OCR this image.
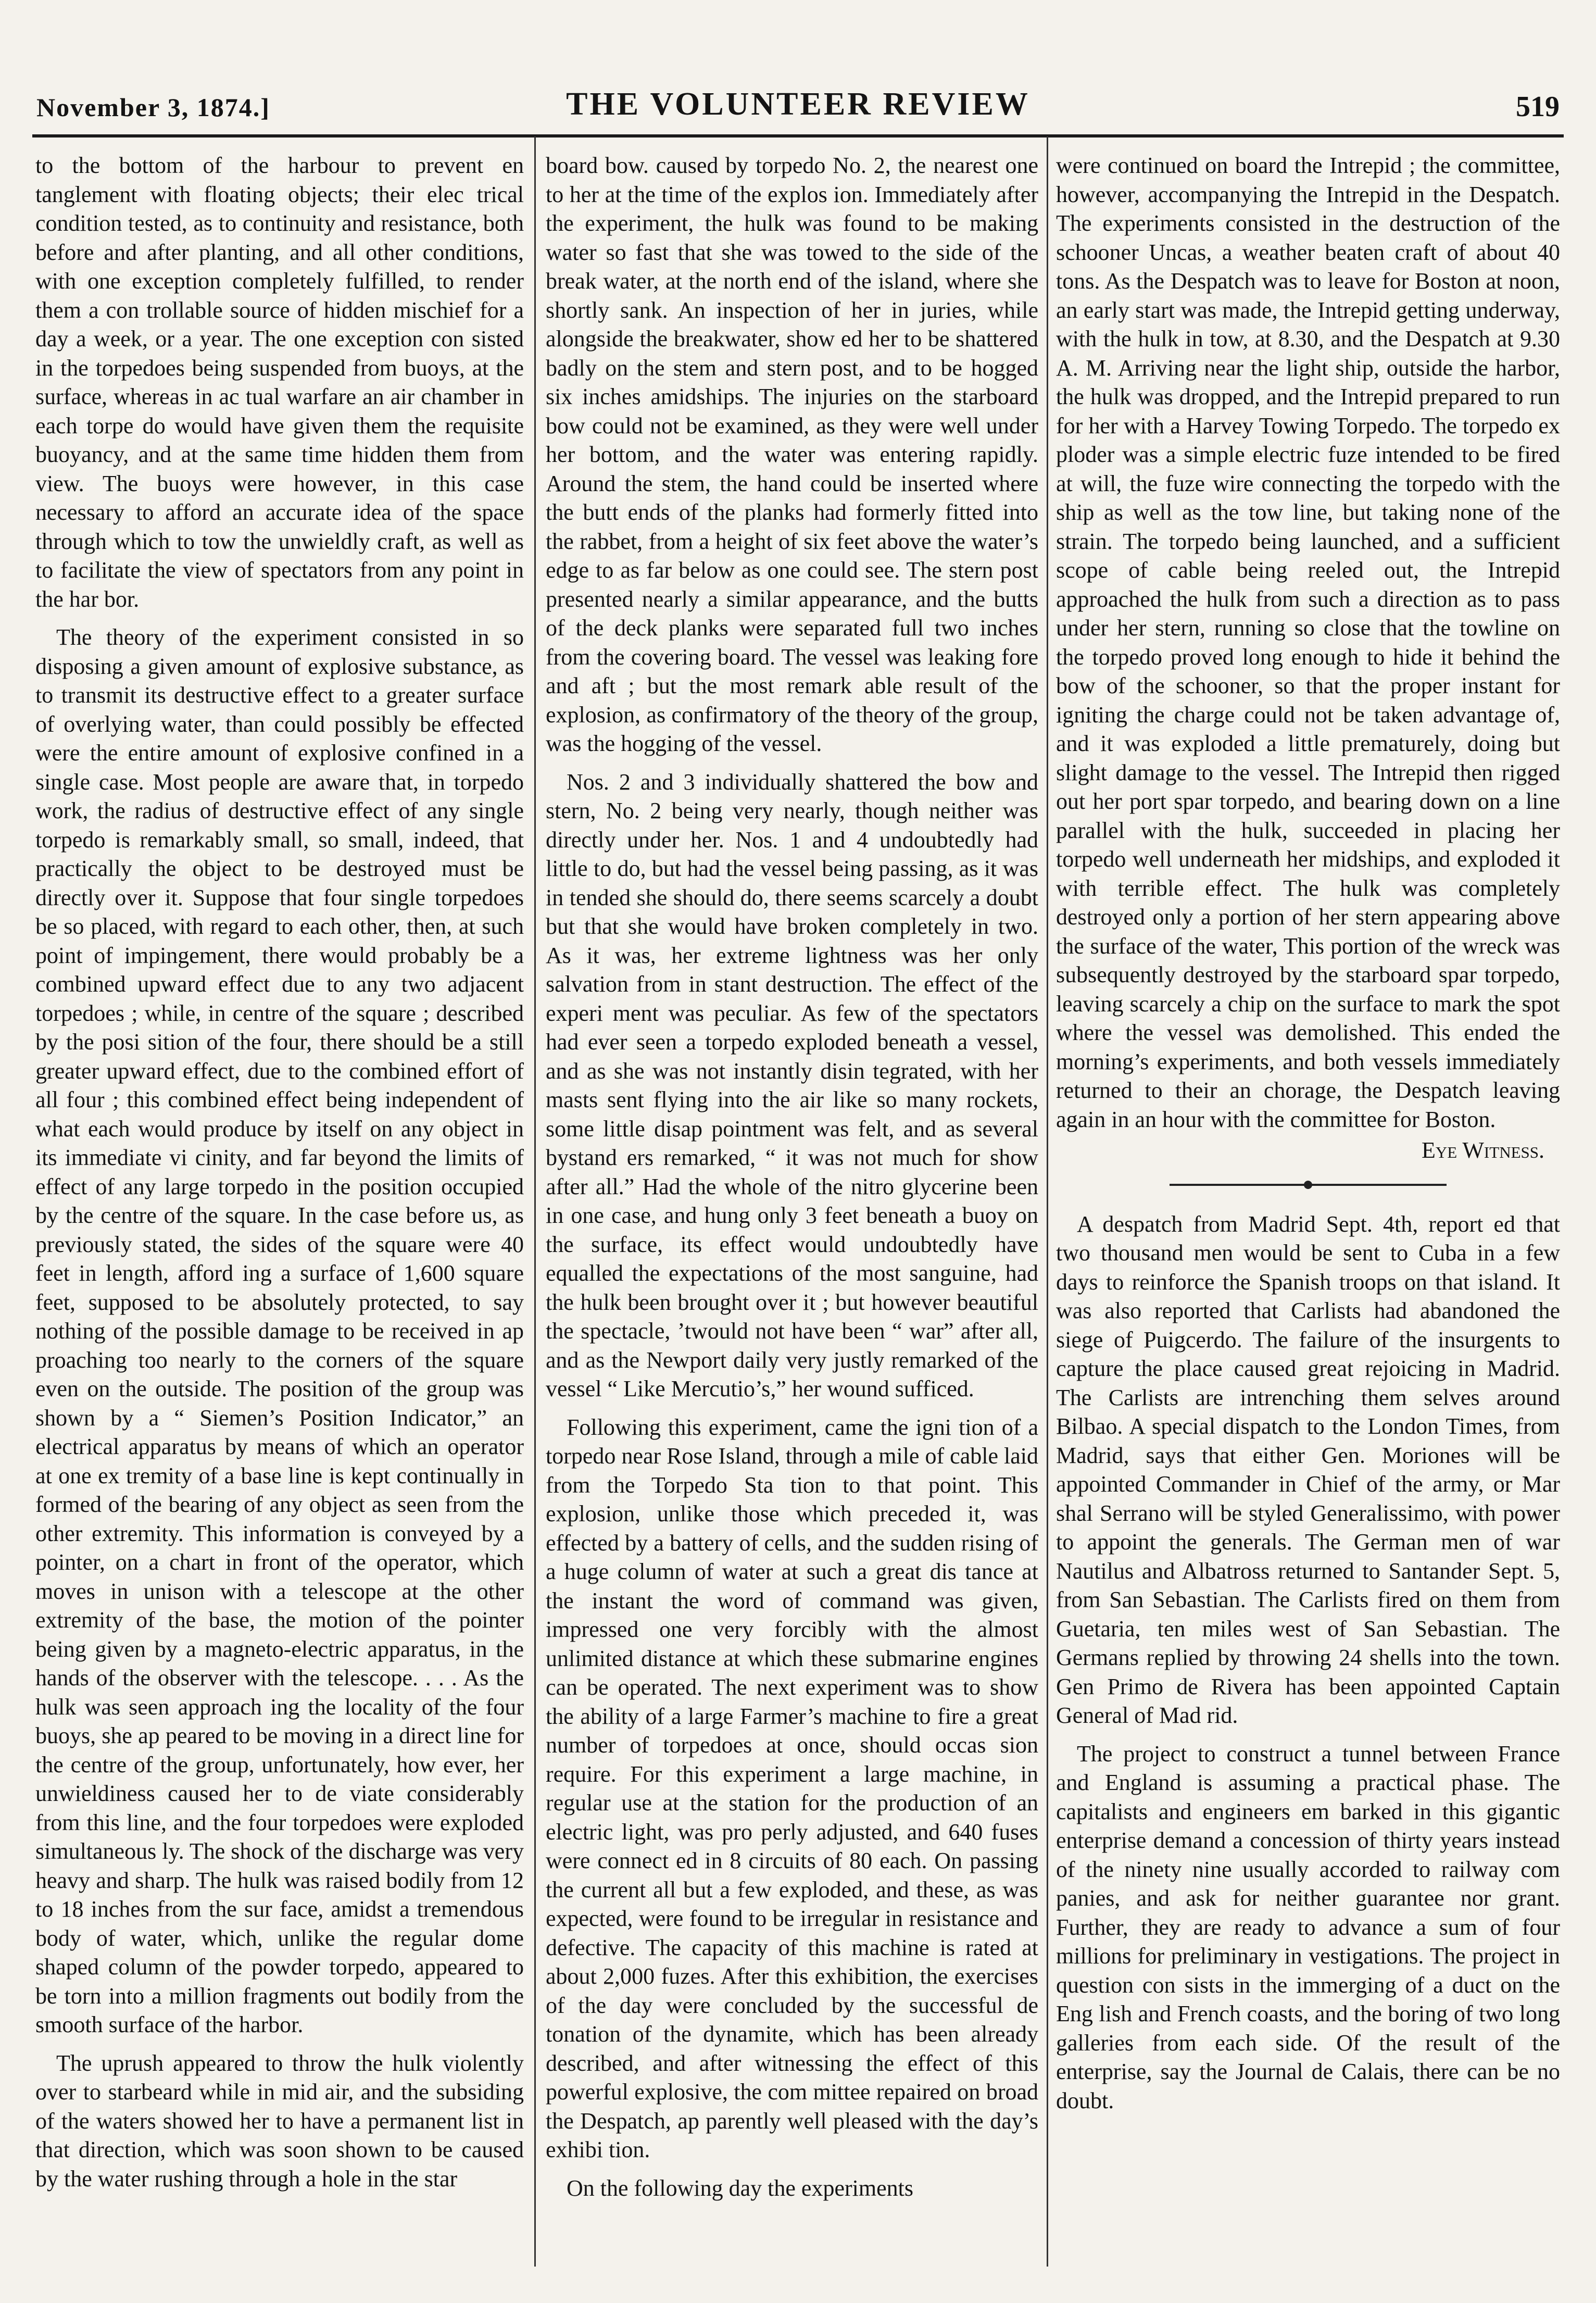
November 3, 1874.]	THE VOLUNTEER REVIEW	519

to the bottom of the harbour to prevent en tanglement with floating objects; their elec trical condition tested, as to continuity and resistance, both before and after planting, and all other conditions, with one exception completely fulfilled, to render them a con trollable source of hidden mischief for a day a week, or a year. The one exception con sisted in the torpedoes being suspended from buoys, at the surface, whereas in ac tual warfare an air chamber in each torpe do would have given them the requisite buoyancy, and at the same time hidden them from view. The buoys were however, in this case necessary to afford an accurate idea of the space through which to tow the unwieldly craft, as well as to facilitate the view of spectators from any point in the har bor.

The theory of the experiment consisted in so disposing a given amount of explosive substance, as to transmit its destructive effect to a greater surface of overlying water, than could possibly be effected were the entire amount of explosive confined in a single case. Most people are aware that, in torpedo work, the radius of destructive effect of any single torpedo is remarkably small, so small, indeed, that practically the object to be destroyed must be directly over it. Suppose that four single torpedoes be so placed, with regard to each other, then, at such point of impingement, there would probably be a combined upward effect due to any two adjacent torpedoes ; while, in centre of the square ; described by the posi sition of the four, there should be a still greater upward effect, due to the combined effort of all four ; this combined effect being independent of what each would produce by itself on any object in its immediate vi cinity, and far beyond the limits of effect of any large torpedo in the position occupied by the centre of the square. In the case before us, as previously stated, the sides of the square were 40 feet in length, afford ing a surface of 1,600 square feet, supposed to be absolutely protected, to say nothing of the possible damage to be received in ap proaching too nearly to the corners of the square even on the outside. The position of the group was shown by a “ Siemen’s Position Indicator,” an electrical apparatus by means of which an operator at one ex tremity of a base line is kept continually in formed of the bearing of any object as seen from the other extremity. This information is conveyed by a pointer, on a chart in front of the operator, which moves in unison with a telescope at the other extremity of the base, the motion of the pointer being given by a magneto-electric apparatus, in the hands of the observer with the telescope. . . . As the hulk was seen approach ing the locality of the four buoys, she ap peared to be moving in a direct line for the centre of the group, unfortunately, how ever, her unwieldiness caused her to de viate considerably from this line, and the four torpedoes were exploded simultaneous ly. The shock of the discharge was very heavy and sharp. The hulk was raised bodily from 12 to 18 inches from the sur face, amidst a tremendous body of water, which, unlike the regular dome shaped column of the powder torpedo, appeared to be torn into a million fragments out bodily from the smooth surface of the harbor.

The uprush appeared to throw the hulk violently over to starbeard while in mid air, and the subsiding of the waters showed her to have a permanent list in that direction, which was soon shown to be caused by the water rushing through a hole in the star

board bow. caused by torpedo No. 2, the nearest one to her at the time of the explos ion. Immediately after the experiment, the hulk was found to be making water so fast that she was towed to the side of the break water, at the north end of the island, where she shortly sank. An inspection of her in juries, while alongside the breakwater, show ed her to be shattered badly on the stem and stern post, and to be hogged six inches amidships. The injuries on the starboard bow could not be examined, as they were well under her bottom, and the water was entering rapidly. Around the stem, the hand could be inserted where the butt ends of the planks had formerly fitted into the rabbet, from a height of six feet above the water’s edge to as far below as one could see. The stern post presented nearly a similar appearance, and the butts of the deck planks were separated full two inches from the covering board. The vessel was leaking fore and aft ; but the most remark able result of the explosion, as confirmatory of the theory of the group, was the hogging of the vessel.

Nos. 2 and 3 individually shattered the bow and stern, No. 2 being very nearly, though neither was directly under her. Nos. 1 and 4 undoubtedly had little to do, but had the vessel being passing, as it was in tended she should do, there seems scarcely a doubt but that she would have broken completely in two. As it was, her extreme lightness was her only salvation from in stant destruction. The effect of the experi ment was peculiar. As few of the spectators had ever seen a torpedo exploded beneath a vessel, and as she was not instantly disin tegrated, with her masts sent flying into the air like so many rockets, some little disap pointment was felt, and as several bystand ers remarked, “ it was not much for show after all.” Had the whole of the nitro glycerine been in one case, and hung only 3 feet beneath a buoy on the surface, its effect would undoubtedly have equalled the expectations of the most sanguine, had the hulk been brought over it ; but however beautiful the spectacle, ’twould not have been “ war” after all, and as the Newport daily very justly remarked of the vessel “ Like Mercutio’s,” her wound sufficed.

Following this experiment, came the igni tion of a torpedo near Rose Island, through a mile of cable laid from the Torpedo Sta tion to that point. This explosion, unlike those which preceded it, was effected by a battery of cells, and the sudden rising of a huge column of water at such a great dis tance at the instant the word of command was given, impressed one very forcibly with the almost unlimited distance at which these submarine engines can be operated. The next experiment was to show the ability of a large Farmer’s machine to fire a great number of torpedoes at once, should occas sion require. For this experiment a large machine, in regular use at the station for the production of an electric light, was pro perly adjusted, and 640 fuses were connect ed in 8 circuits of 80 each. On passing the current all but a few exploded, and these, as was expected, were found to be irregular in resistance and defective. The capacity of this machine is rated at about 2,000 fuzes. After this exhibition, the exercises of the day were concluded by the successful de tonation of the dynamite, which has been already described, and after witnessing the effect of this powerful explosive, the com mittee repaired on broad the Despatch, ap parently well pleased with the day’s exhibi tion.

On the following day the experiments

were continued on board the Intrepid ; the committee, however, accompanying the Intrepid in the Despatch. The experiments consisted in the destruction of the schooner Uncas, a weather beaten craft of about 40 tons. As the Despatch was to leave for Boston at noon, an early start was made, the Intrepid getting underway, with the hulk in tow, at 8.30, and the Despatch at 9.30 A. M. Arriving near the light ship, outside the harbor, the hulk was dropped, and the Intrepid prepared to run for her with a Harvey Towing Torpedo. The torpedo ex ploder was a simple electric fuze intended to be fired at will, the fuze wire connecting the torpedo with the ship as well as the tow line, but taking none of the strain. The torpedo being launched, and a sufficient scope of cable being reeled out, the Intrepid approached the hulk from such a direction as to pass under her stern, running so close that the towline on the torpedo proved long enough to hide it behind the bow of the schooner, so that the proper instant for igniting the charge could not be taken advantage of, and it was exploded a little prematurely, doing but slight damage to the vessel. The Intrepid then rigged out her port spar torpedo, and bearing down on a line parallel with the hulk, succeeded in placing her torpedo well underneath her midships, and exploded it with terrible effect. The hulk was completely destroyed only a portion of her stern appearing above the surface of the water, This portion of the wreck was subsequently destroyed by the starboard spar torpedo, leaving scarcely a chip on the surface to mark the spot where the vessel was demolished. This ended the morning’s experiments, and both vessels immediately returned to their an chorage, the Despatch leaving again in an hour with the committee for Boston.

Eye Witness.

A despatch from Madrid Sept. 4th, report ed that two thousand men would be sent to Cuba in a few days to reinforce the Spanish troops on that island. It was also reported that Carlists had abandoned the siege of Puigcerdo. The failure of the insurgents to capture the place caused great rejoicing in Madrid. The Carlists are intrenching them selves around Bilbao. A special dispatch to the London Times, from Madrid, says that either Gen. Moriones will be appointed Commander in Chief of the army, or Mar shal Serrano will be styled Generalissimo, with power to appoint the generals. The German men of war Nautilus and Albatross returned to Santander Sept. 5, from San Sebastian. The Carlists fired on them from Guetaria, ten miles west of San Sebastian. The Germans replied by throwing 24 shells into the town. Gen Primo de Rivera has been appointed Captain General of Mad rid.

The project to construct a tunnel between France and England is assuming a practical phase. The capitalists and engineers em barked in this gigantic enterprise demand a concession of thirty years instead of the ninety nine usually accorded to railway com panies, and ask for neither guarantee nor grant. Further, they are ready to advance a sum of four millions for preliminary in vestigations. The project in question con sists in the immerging of a duct on the Eng lish and French coasts, and the boring of two long galleries from each side. Of the result of the enterprise, say the Journal de Calais, there can be no doubt.
